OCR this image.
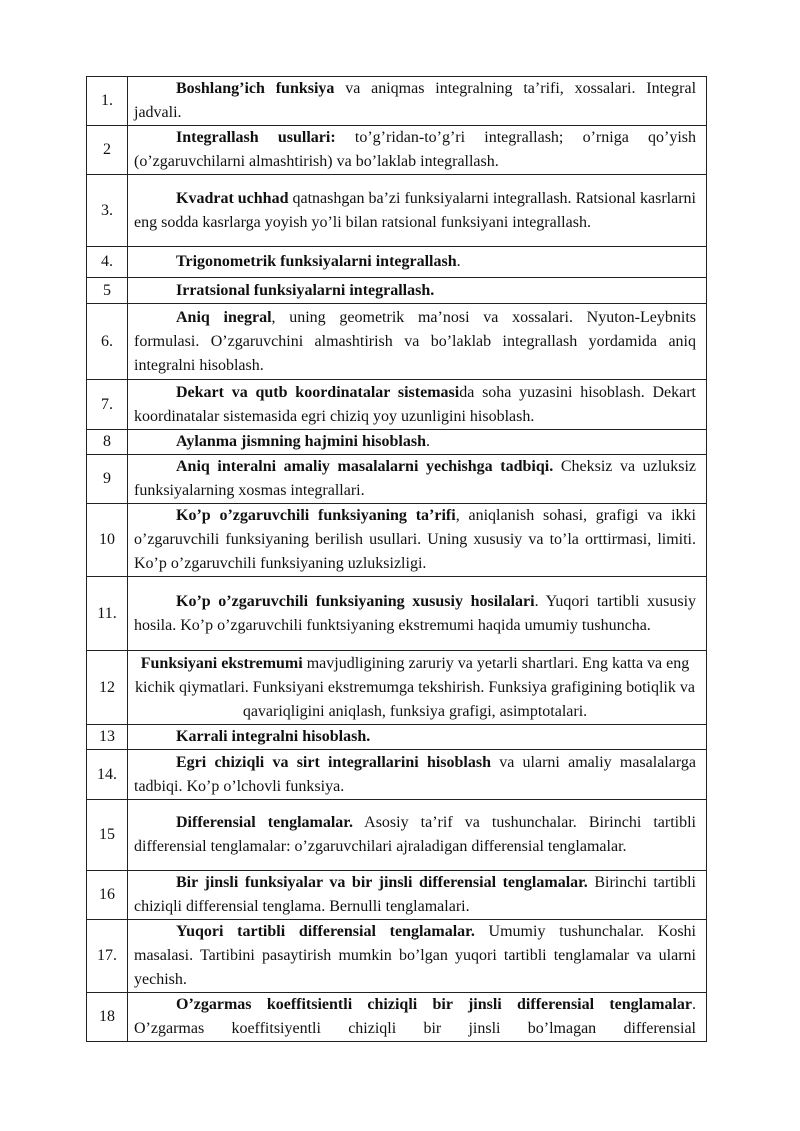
1.	Boshlang’ich funksiya va aniqmas integralning ta’rifi, xossalari. Integral jadvali.
2	Integrallash usullari: to’g’ridan-to’g’ri integrallash; o’rniga qo’yish (o’zgaruvchilarni almashtirish) va bo’laklab integrallash.
3.	Kvadrat uchhad qatnashgan ba’zi funksiyalarni integrallash. Ratsional kasrlarni eng sodda kasrlarga yoyish yo’li bilan ratsional funksiyani integrallash.
4.	Trigonometrik funksiyalarni integrallash.
5	Irratsional funksiyalarni integrallash.
6.	Aniq inegral, uning geometrik ma’nosi va xossalari. Nyuton-Leybnits formulasi. O’zgaruvchini almashtirish va bo’laklab integrallash yordamida aniq integralni hisoblash.
7.	Dekart va qutb koordinatalar sistemasida soha yuzasini hisoblash. Dekart koordinatalar sistemasida egri chiziq yoy uzunligini hisoblash.
8	Aylanma jismning hajmini hisoblash.
9	Aniq interalni amaliy masalalarni yechishga tadbiqi. Cheksiz va uzluksiz funksiyalarning xosmas integrallari.
10	Ko’p o’zgaruvchili funksiyaning ta’rifi, aniqlanish sohasi, grafigi va ikki o’zgaruvchili funksiyaning berilish usullari. Uning xususiy va to’la orttirmasi, limiti. Ko’p o’zgaruvchili funksiyaning uzluksizligi.
11.	Ko’p o’zgaruvchili funksiyaning xususiy hosilalari. Yuqori tartibli xususiy hosila. Ko’p o’zgaruvchili funktsiyaning ekstremumi haqida umumiy tushuncha.
12	Funksiyani ekstremumi mavjudligining zaruriy va yetarli shartlari. Eng katta va eng kichik qiymatlari. Funksiyani ekstremumga tekshirish. Funksiya grafigining botiqlik va qavariqligini aniqlash, funksiya grafigi, asimptotalari.
13	Karrali integralni hisoblash.
14.	Egri chiziqli va sirt integrallarini hisoblash va ularni amaliy masalalarga tadbiqi. Ko’p o’lchovli funksiya.
15	Differensial tenglamalar. Asosiy ta’rif va tushunchalar. Birinchi tartibli differensial tenglamalar: o’zgaruvchilari ajraladigan differensial tenglamalar.
16	Bir jinsli funksiyalar va bir jinsli differensial tenglamalar. Birinchi tartibli chiziqli differensial tenglama. Bernulli tenglamalari.
17.	Yuqori tartibli differensial tenglamalar. Umumiy tushunchalar. Koshi masalasi. Tartibini pasaytirish mumkin bo’lgan yuqori tartibli tenglamalar va ularni yechish.
18	O’zgarmas koeffitsientli chiziqli bir jinsli differensial tenglamalar. O’zgarmas koeffitsiyentli chiziqli bir jinsli bo’lmagan differensial
